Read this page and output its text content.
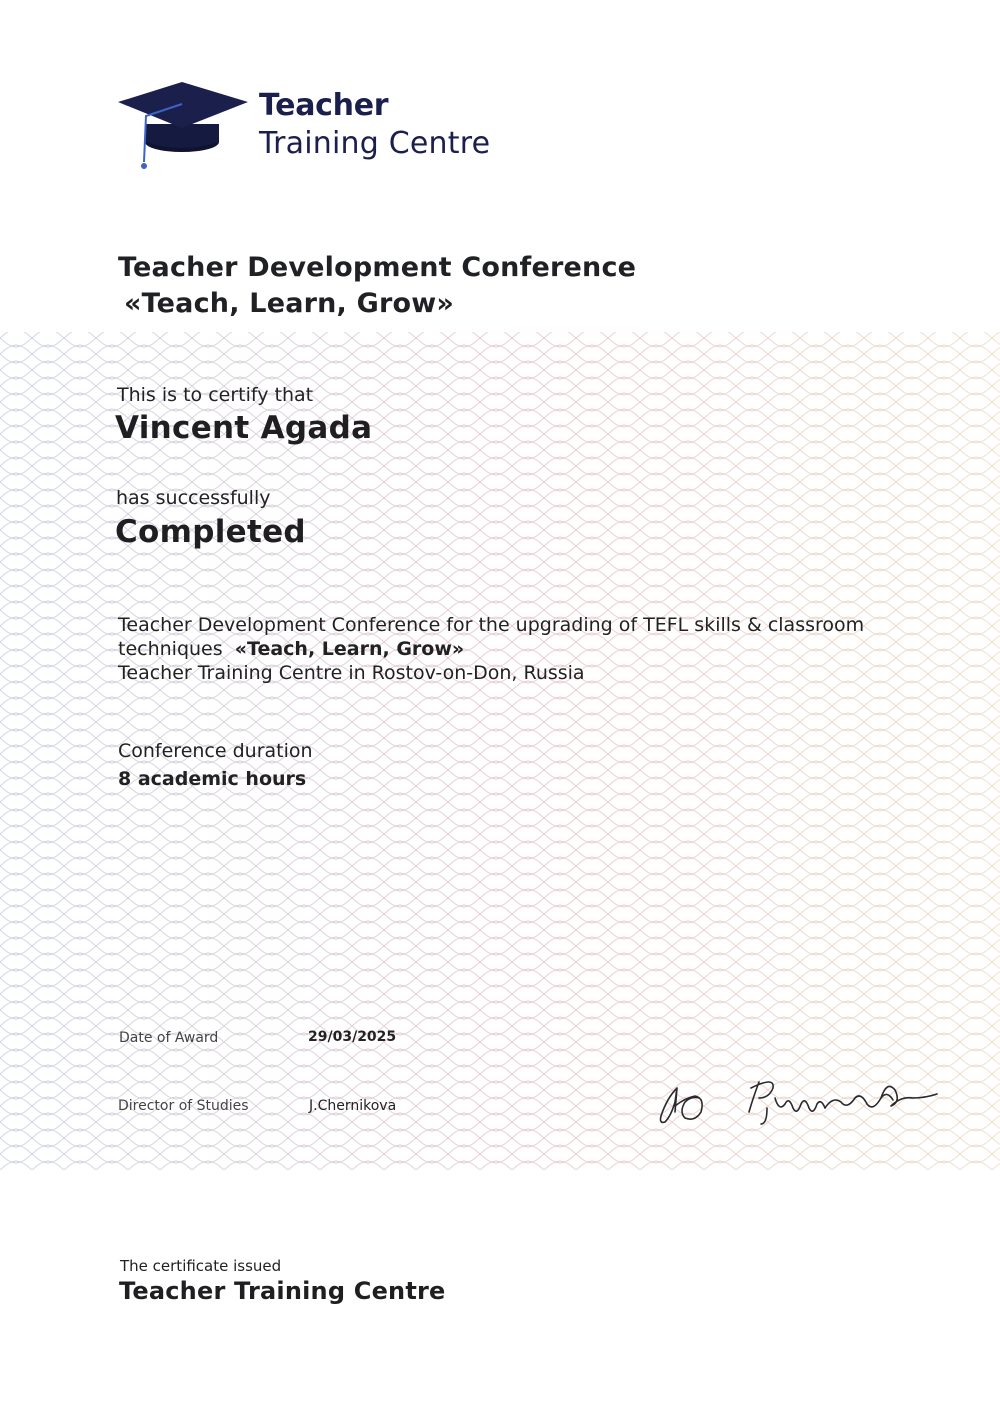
Teacher
Training Centre
Teacher Development Conference
«Teach, Learn, Grow»
This is to certify that
Vincent Agada
has successfully
Completed
Teacher Development Conference for the upgrading of TEFL skills & classroom
techniques «Teach, Learn, Grow»
Teacher Training Centre in Rostov-on-Don, Russia
Conference duration
8 academic hours
Date of Award	29/03/2025
Director of Studies	J.Chernikova
The certificate issued
Teacher Training Centre
